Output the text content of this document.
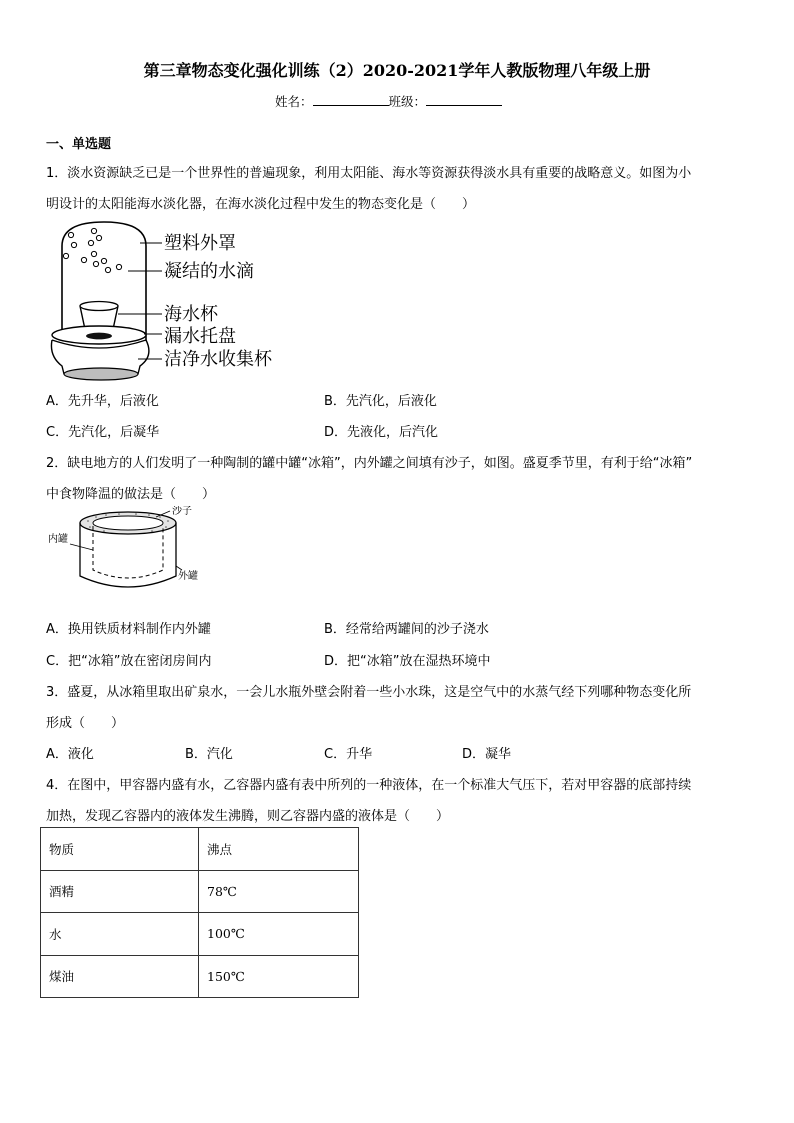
第三章物态变化强化训练（2）2020-2021学年人教版物理八年级上册
姓名：	班级：
一、单选题
1．淡水资源缺乏已是一个世界性的普遍现象，利用太阳能、海水等资源获得淡水具有重要的战略意义。如图为小
明设计的太阳能海水淡化器，在海水淡化过程中发生的物态变化是（　　）
塑料外罩
凝结的水滴
海水杯
漏水托盘
洁净水收集杯
A．先升华，后液化	B．先汽化，后液化
C．先汽化，后凝华	D．先液化，后汽化
2．缺电地方的人们发明了一种陶制的罐中罐“冰箱”，内外罐之间填有沙子，如图。盛夏季节里，有利于给“冰箱”
中食物降温的做法是（　　）
沙子
内罐
外罐
A．换用铁质材料制作内外罐	B．经常给两罐间的沙子浇水
C．把“冰箱”放在密闭房间内	D．把“冰箱”放在湿热环境中
3．盛夏，从冰箱里取出矿泉水，一会儿水瓶外壁会附着一些小水珠，这是空气中的水蒸气经下列哪种物态变化所
形成（　　）
A．液化	B．汽化	C．升华	D．凝华
4．在图中，甲容器内盛有水，乙容器内盛有表中所列的一种液体，在一个标准大气压下，若对甲容器的底部持续
加热，发现乙容器内的液体发生沸腾，则乙容器内盛的液体是（　　）
物质	沸点
酒精	78℃
水	100℃
煤油	150℃
